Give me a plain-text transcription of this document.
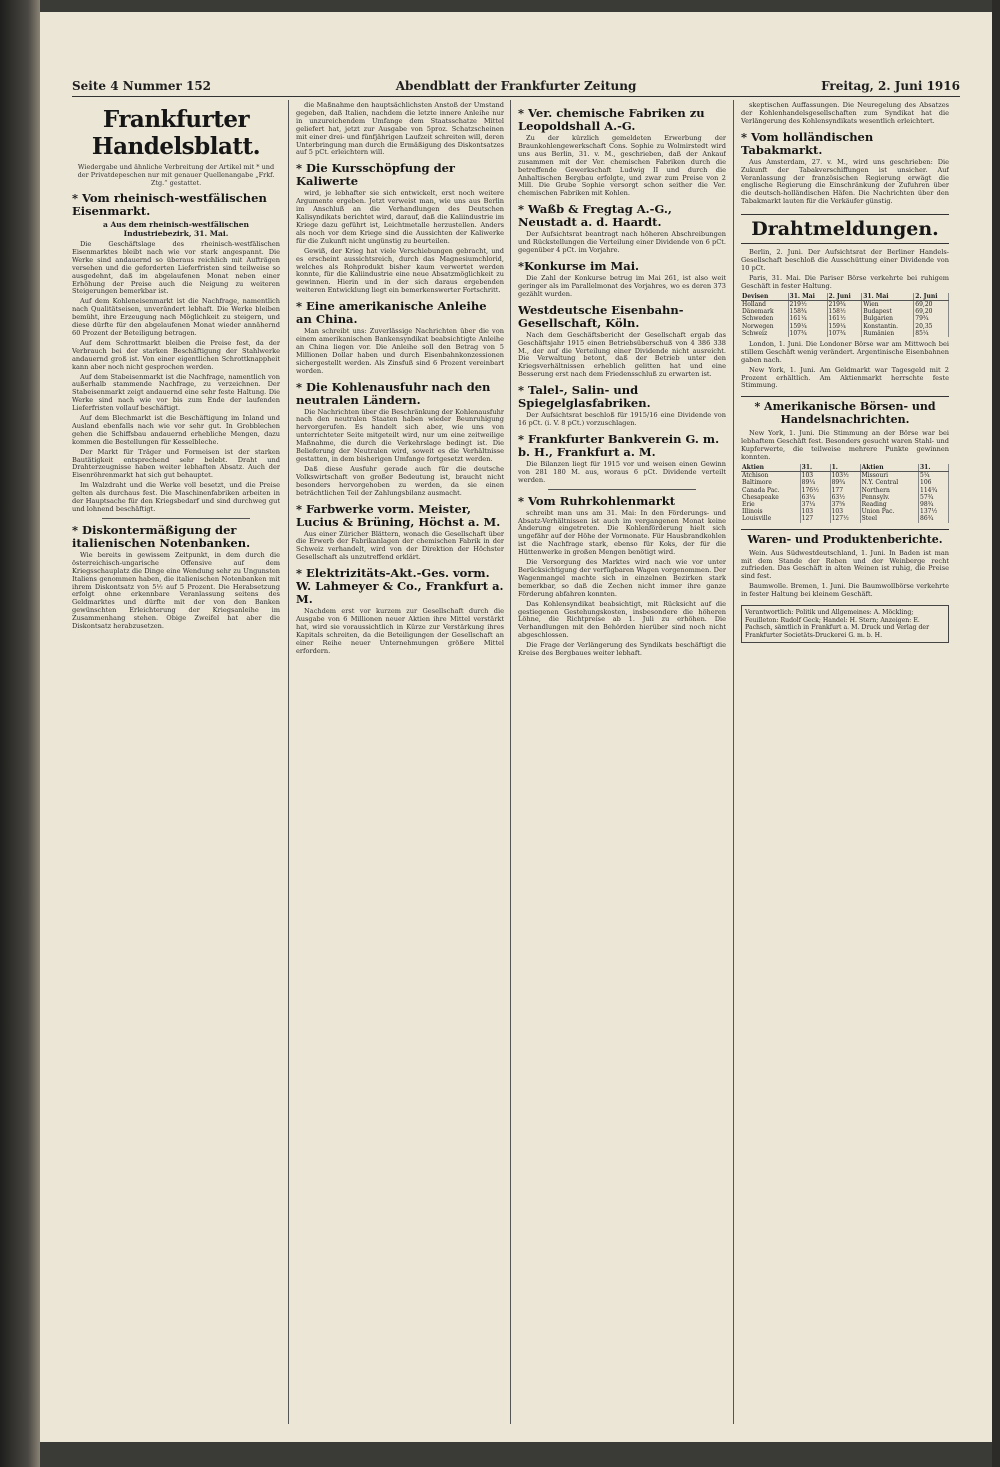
Seite 4 Nummer 152	Abendblatt der Frankfurter Zeitung	Freitag, 2. Juni 1916
Frankfurter Handelsblatt.
Wiedergabe und ähnliche Verbreitung der Artikel mit * und der Privatdepeschen nur mit genauer Quellenangabe „Frkf. Ztg.“ gestattet.
* Vom rheinisch-westfälischen Eisenmarkt.
a Aus dem rheinisch-westfälischen Industriebezirk, 31. Mai.

Die Geschäftslage des rheinisch-westfälischen Eisenmarktes bleibt nach wie vor stark angespannt. Die Werke sind andauernd so überaus reichlich mit Aufträgen versehen und die geforderten Lieferfristen sind teilweise so ausgedehnt, daß im abgelaufenen Monat neben einer Erhöhung der Preise auch die Neigung zu weiteren Steigerungen bemerkbar ist.

Auf dem Kohleneisenmarkt ist die Nachfrage, namentlich nach Qualitätseisen, unverändert lebhaft. Die Werke bleiben bemüht, ihre Erzeugung nach Möglichkeit zu steigern, und diese dürfte für den abgelaufenen Monat wieder annähernd 60 Prozent der Beteiligung betragen.

Auf dem Schrottmarkt bleiben die Preise fest, da der Verbrauch bei der starken Beschäftigung der Stahlwerke andauernd groß ist. Von einer eigentlichen Schrottknappheit kann aber noch nicht gesprochen werden.

Auf dem Stabeisenmarkt ist die Nachfrage, namentlich von außerhalb stammende Nachfrage, zu verzeichnen. Der Stabeisenmarkt zeigt andauernd eine sehr feste Haltung. Die Werke sind nach wie vor bis zum Ende der laufenden Lieferfristen vollauf beschäftigt.

Auf dem Blechmarkt ist die Beschäftigung im Inland und Ausland ebenfalls nach wie vor sehr gut. In Grobblechen gehen die Schiffsbau andauernd erhebliche Mengen, dazu kommen die Bestellungen für Kesselbleche.

Der Markt für Träger und Formeisen ist der starken Bautätigkeit entsprechend sehr belebt. Draht und Drahterzeugnisse haben weiter lebhaften Absatz. Auch der Eisenröhrenmarkt hat sich gut behauptet.

Im Walzdraht und die Werke voll besetzt, und die Preise gelten als durchaus fest. Die Maschinenfabriken arbeiten in der Hauptsache für den Kriegsbedarf und sind durchweg gut und lohnend beschäftigt.

* Diskontermäßigung der italienischen Notenbanken.

Wie bereits in gewissem Zeitpunkt, in dem durch die österreichisch-ungarische Offensive auf dem Kriegsschauplatz die Dinge eine Wendung sehr zu Ungunsten Italiens genommen haben, die italienischen Notenbanken mit ihrem Diskontsatz von 5½ auf 5 Prozent. Die Herabsetzung erfolgt ohne erkennbare Veranlassung seitens des Geldmarktes und dürfte mit der von den Banken gewünschten Erleichterung der Kriegsanleihe im Zusammenhang stehen. Obige Zweifel hat aber die Diskontsatz herabzusetzen.

die Maßnahme den hauptsächlichsten Anstoß der Umstand gegeben, daß Italien, nachdem die letzte innere Anleihe nur in unzureichendem Umfange dem Staatsschatze Mittel geliefert hat, jetzt zur Ausgabe von 5proz. Schatzscheinen mit einer drei- und fünfjährigen Laufzeit schreiten will, deren Unterbringung man durch die Ermäßigung des Diskontsatzes auf 5 pCt. erleichtern will.

* Die Kursschöpfung der Kaliwerte

wird, je lebhafter sie sich entwickelt, erst noch weitere Argumente ergeben. Jetzt verweist man, wie uns aus Berlin im Anschluß an die Verhandlungen des Deutschen Kalisyndikats berichtet wird, darauf, daß die Kaliindustrie im Kriege dazu geführt ist, Leichtmetalle herzustellen. Anders als noch vor dem Kriege sind die Aussichten der Kaliwerke für die Zukunft nicht ungünstig zu beurteilen.

Gewiß, der Krieg hat viele Verschiebungen gebracht, und es erscheint aussichtsreich, durch das Magnesiumchlorid, welches als Rohprodukt bisher kaum verwertet werden konnte, für die Kaliindustrie eine neue Absatzmöglichkeit zu gewinnen. Hierin und in der sich daraus ergebenden weiteren Entwicklung liegt ein bemerkenswerter Fortschritt.

* Eine amerikanische Anleihe an China.

Man schreibt uns: Zuverlässige Nachrichten über die von einem amerikanischen Bankensyndikat beabsichtigte Anleihe an China liegen vor. Die Anleihe soll den Betrag von 5 Millionen Dollar haben und durch Eisenbahnkonzessionen sichergestellt werden. Als Zinsfuß sind 6 Prozent vereinbart worden.

* Die Kohlenausfuhr nach den neutralen Ländern.

Die Nachrichten über die Beschränkung der Kohlenausfuhr nach den neutralen Staaten haben wieder Beunruhigung hervorgerufen. Es handelt sich aber, wie uns von unterrichteter Seite mitgeteilt wird, nur um eine zeitweilige Maßnahme, die durch die Verkehrslage bedingt ist. Die Belieferung der Neutralen wird, soweit es die Verhältnisse gestatten, in dem bisherigen Umfange fortgesetzt werden.

Daß diese Ausfuhr gerade auch für die deutsche Volkswirtschaft von großer Bedeutung ist, braucht nicht besonders hervorgehoben zu werden, da sie einen beträchtlichen Teil der Zahlungsbilanz ausmacht.

* Farbwerke vorm. Meister, Lucius & Brüning, Höchst a. M.

Aus einer Züricher Blättern, wonach die Gesellschaft über die Erwerb der Fabrikanlagen der chemischen Fabrik in der Schweiz verhandelt, wird von der Direktion der Höchster Gesellschaft als unzutreffend erklärt.

* Elektrizitäts-Akt.-Ges. vorm. W. Lahmeyer & Co., Frankfurt a. M.

Nachdem erst vor kurzem zur Gesellschaft durch die Ausgabe von 6 Millionen neuer Aktien ihre Mittel verstärkt hat, wird sie voraussichtlich in Kürze zur Verstärkung ihres Kapitals schreiten, da die Beteiligungen der Gesellschaft an einer Reihe neuer Unternehmungen größere Mittel erfordern.

* Ver. chemische Fabriken zu Leopoldshall A.-G.

Zu der kürzlich gemeldeten Erwerbung der Braunkohlengewerkschaft Cons. Sophie zu Wolmirstedt wird uns aus Berlin, 31. v. M., geschrieben, daß der Ankauf zusammen mit der Ver. chemischen Fabriken durch die betreffende Gewerkschaft Ludwig II und durch die Anhaltischen Bergbau erfolgte, und zwar zum Preise von 2 Mill. Die Grube Sophie versorgt schon seither die Ver. chemischen Fabriken mit Kohlen.

* Waßb & Fregtag A.-G., Neustadt a. d. Haardt.

Der Aufsichtsrat beantragt nach höheren Abschreibungen und Rückstellungen die Verteilung einer Dividende von 6 pCt. gegenüber 4 pCt. im Vorjahre.

*Konkurse im Mai.

Die Zahl der Konkurse betrug im Mai 261, ist also weit geringer als im Parallelmonat des Vorjahres, wo es deren 373 gezählt wurden.

Westdeutsche Eisenbahn-Gesellschaft, Köln.

Nach dem Geschäftsbericht der Gesellschaft ergab das Geschäftsjahr 1915 einen Betriebsüberschuß von 4 386 338 M., der auf die Verteilung einer Dividende nicht ausreicht. Die Verwaltung betont, daß der Betrieb unter den Kriegsverhältnissen erheblich gelitten hat und eine Besserung erst nach dem Friedensschluß zu erwarten ist.

* Talel-, Salin- und Spiegelglasfabriken.

Der Aufsichtsrat beschloß für 1915/16 eine Dividende von 16 pCt. (i. V. 8 pCt.) vorzuschlagen.

* Frankfurter Bankverein G. m. b. H., Frankfurt a. M.

Die Bilanzen liegt für 1915 vor und weisen einen Gewinn von 281 180 M. aus, woraus 6 pCt. Dividende verteilt werden.

* Vom Ruhrkohlenmarkt

schreibt man uns am 31. Mai: In den Förderungs- und Absatz-Verhältnissen ist auch im vergangenen Monat keine Änderung eingetreten. Die Kohlenförderung hielt sich ungefähr auf der Höhe der Vormonate. Für Hausbrandkohlen ist die Nachfrage stark, ebenso für Koks, der für die Hüttenwerke in großen Mengen benötigt wird.

Die Versorgung des Marktes wird nach wie vor unter Berücksichtigung der verfügbaren Wagen vorgenommen. Der Wagenmangel machte sich in einzelnen Bezirken stark bemerkbar, so daß die Zechen nicht immer ihre ganze Förderung abfahren konnten.

Das Kohlensyndikat beabsichtigt, mit Rücksicht auf die gestiegenen Gestehungskosten, insbesondere die höheren Löhne, die Richtpreise ab 1. Juli zu erhöhen. Die Verhandlungen mit den Behörden hierüber sind noch nicht abgeschlossen.

Die Frage der Verlängerung des Syndikats beschäftigt die Kreise des Bergbaues weiter lebhaft.

skeptischen Auffassungen. Die Neuregelung des Absatzes der Kohlenhandelsgesellschaften zum Syndikat hat die Verlängerung des Kohlensyndikats wesentlich erleichtert.

* Vom holländischen Tabakmarkt.

Aus Amsterdam, 27. v. M., wird uns geschrieben: Die Zukunft der Tabakverschiffungen ist unsicher. Auf Veranlassung der französischen Regierung erwägt die englische Regierung die Einschränkung der Zufuhren über die deutsch-holländischen Häfen. Die Nachrichten über den Tabakmarkt lauten für die Verkäufer günstig.

Drahtmeldungen.

Berlin, 2. Juni. Der Aufsichtsrat der Berliner Handels-Gesellschaft beschloß die Ausschüttung einer Dividende von 10 pCt.

Paris, 31. Mai. Die Pariser Börse verkehrte bei ruhigem Geschäft in fester Haltung.

Devisen	31. Mai	2. Juni	31. Mai	2. Juni
Holland	219½	219¾	Wien	69,20
Dänemark	158¾	158½	Budapest	69,20
Schweden	161¼	161½	Bulgarien	79¾
Norwegen	159¼	159¼	Konstantin.	20,35
Schweiz	107¾	107¾	Rumänien	85¼

London, 1. Juni. Die Londoner Börse war am Mittwoch bei stillem Geschäft wenig verändert. Argentinische Eisenbahnen gaben nach.

New York, 1. Juni. Am Geldmarkt war Tagesgeld mit 2 Prozent erhältlich. Am Aktienmarkt herrschte feste Stimmung.

* Amerikanische Börsen- und Handelsnachrichten.

New York, 1. Juni. Die Stimmung an der Börse war bei lebhaftem Geschäft fest. Besonders gesucht waren Stahl- und Kupferwerte, die teilweise mehrere Punkte gewinnen konnten.

Aktien	31.	1.	Aktien	31.
Atchison	103	103½	Missouri	5¼
Baltimore	89¼	89¾	N.Y. Central	106
Canada Pac.	176½	177	Northern	114¾
Chesapeake	63¼	63½	Pennsylv.	57¾
Erie	37¼	37⅝	Reading	98¾
Illinois	103	103	Union Pac.	137½
Louisville	127	127½	Steel	86¾
Waren- und Produktenberichte.

Wein. Aus Südwestdeutschland, 1. Juni. In Baden ist man mit dem Stande der Reben und der Weinberge recht zufrieden. Das Geschäft in alten Weinen ist ruhig, die Preise sind fest.

Baumwolle. Bremen, 1. Juni. Die Baumwollbörse verkehrte in fester Haltung bei kleinem Geschäft.

Verantwortlich: Politik und Allgemeines: A. Möckling; Feuilleton: Rudolf Geck; Handel: H. Stern; Anzeigen: E. Pachsch, sämtlich in Frankfurt a. M. Druck und Verlag der Frankfurter Societäts-Druckerei G. m. b. H.
